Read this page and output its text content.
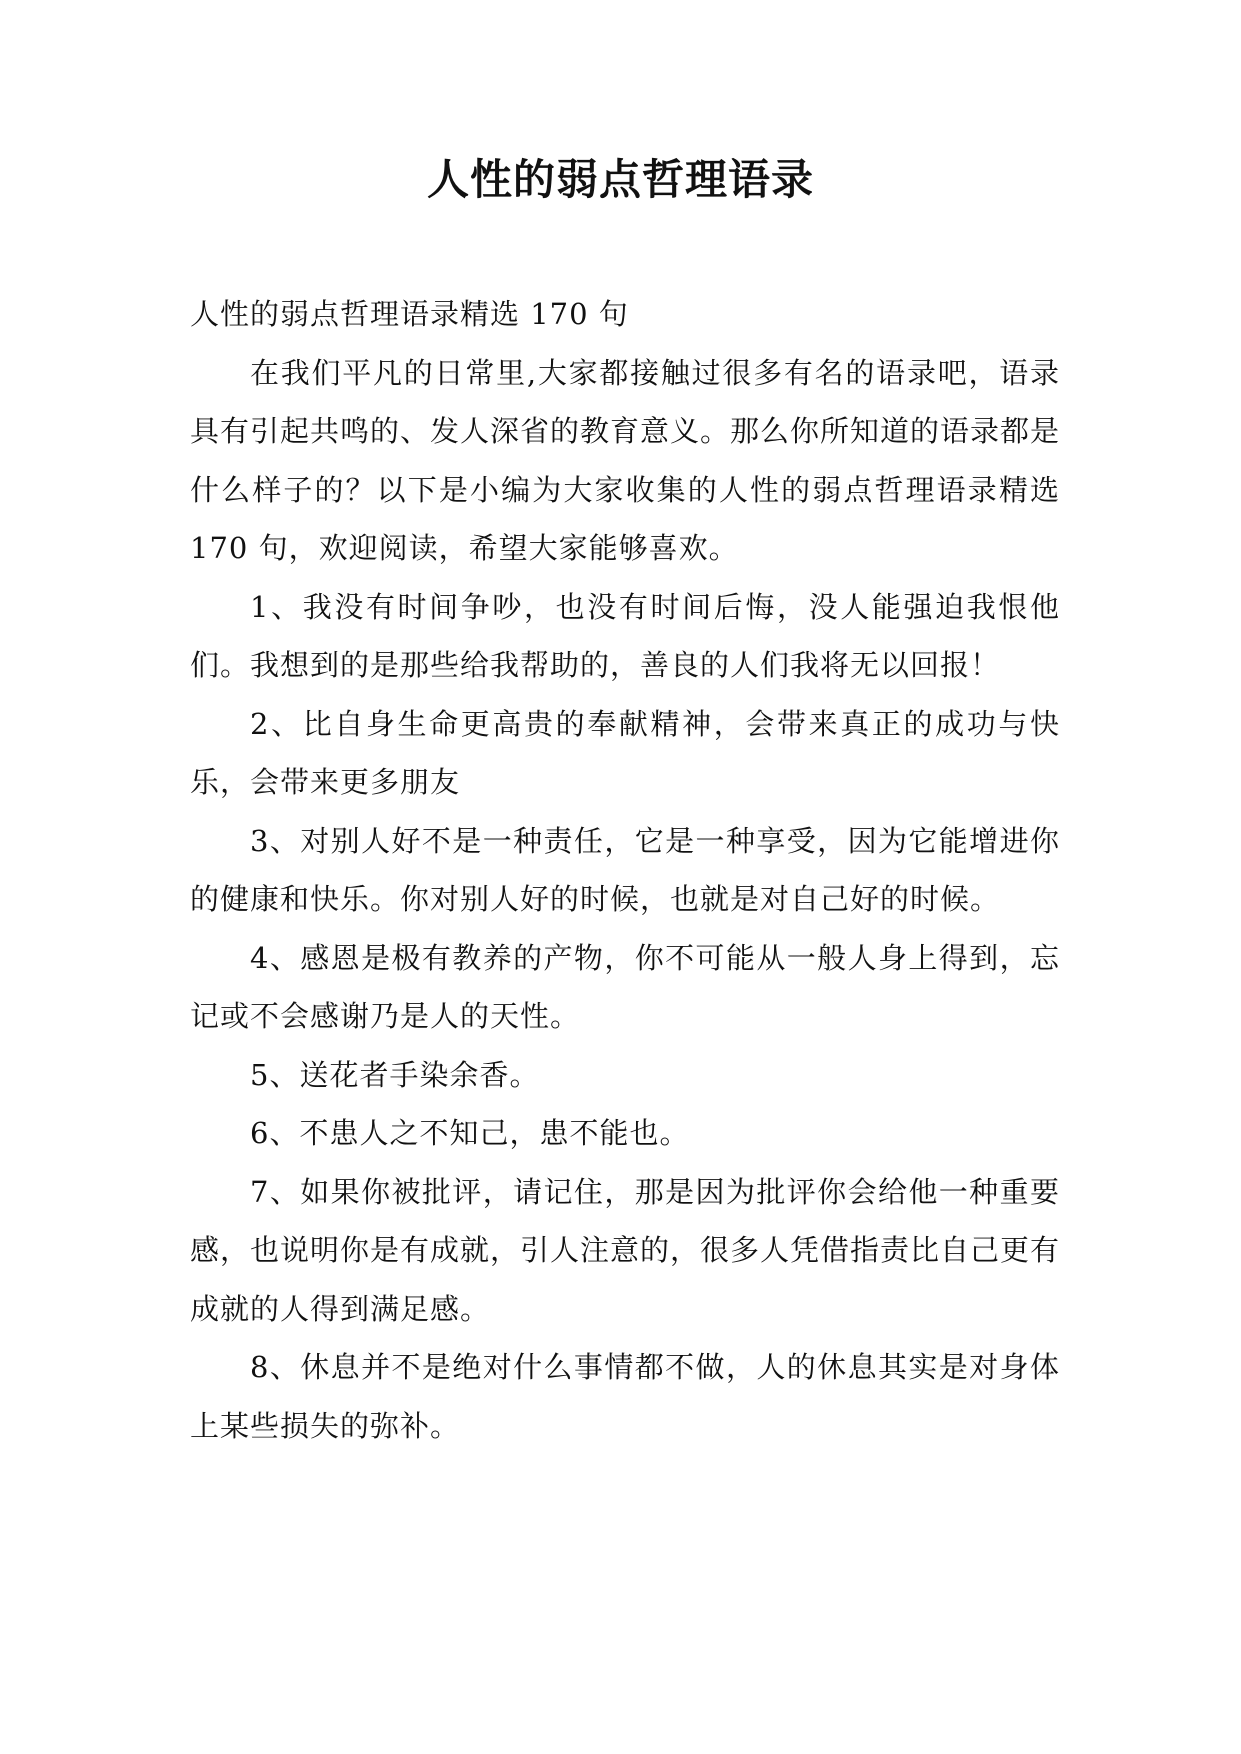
人性的弱点哲理语录

人性的弱点哲理语录精选 170 句

在我们平凡的日常里,大家都接触过很多有名的语录吧，语录具有引起共鸣的、发人深省的教育意义。那么你所知道的语录都是什么样子的？以下是小编为大家收集的人性的弱点哲理语录精选 170 句，欢迎阅读，希望大家能够喜欢。

1、我没有时间争吵，也没有时间后悔，没人能强迫我恨他们。我想到的是那些给我帮助的，善良的人们我将无以回报！

2、比自身生命更高贵的奉献精神，会带来真正的成功与快乐，会带来更多朋友

3、对别人好不是一种责任，它是一种享受，因为它能增进你的健康和快乐。你对别人好的时候，也就是对自己好的时候。

4、感恩是极有教养的产物，你不可能从一般人身上得到，忘记或不会感谢乃是人的天性。

5、送花者手染余香。

6、不患人之不知己，患不能也。

7、如果你被批评，请记住，那是因为批评你会给他一种重要感，也说明你是有成就，引人注意的，很多人凭借指责比自己更有成就的人得到满足感。

8、休息并不是绝对什么事情都不做，人的休息其实是对身体上某些损失的弥补。
